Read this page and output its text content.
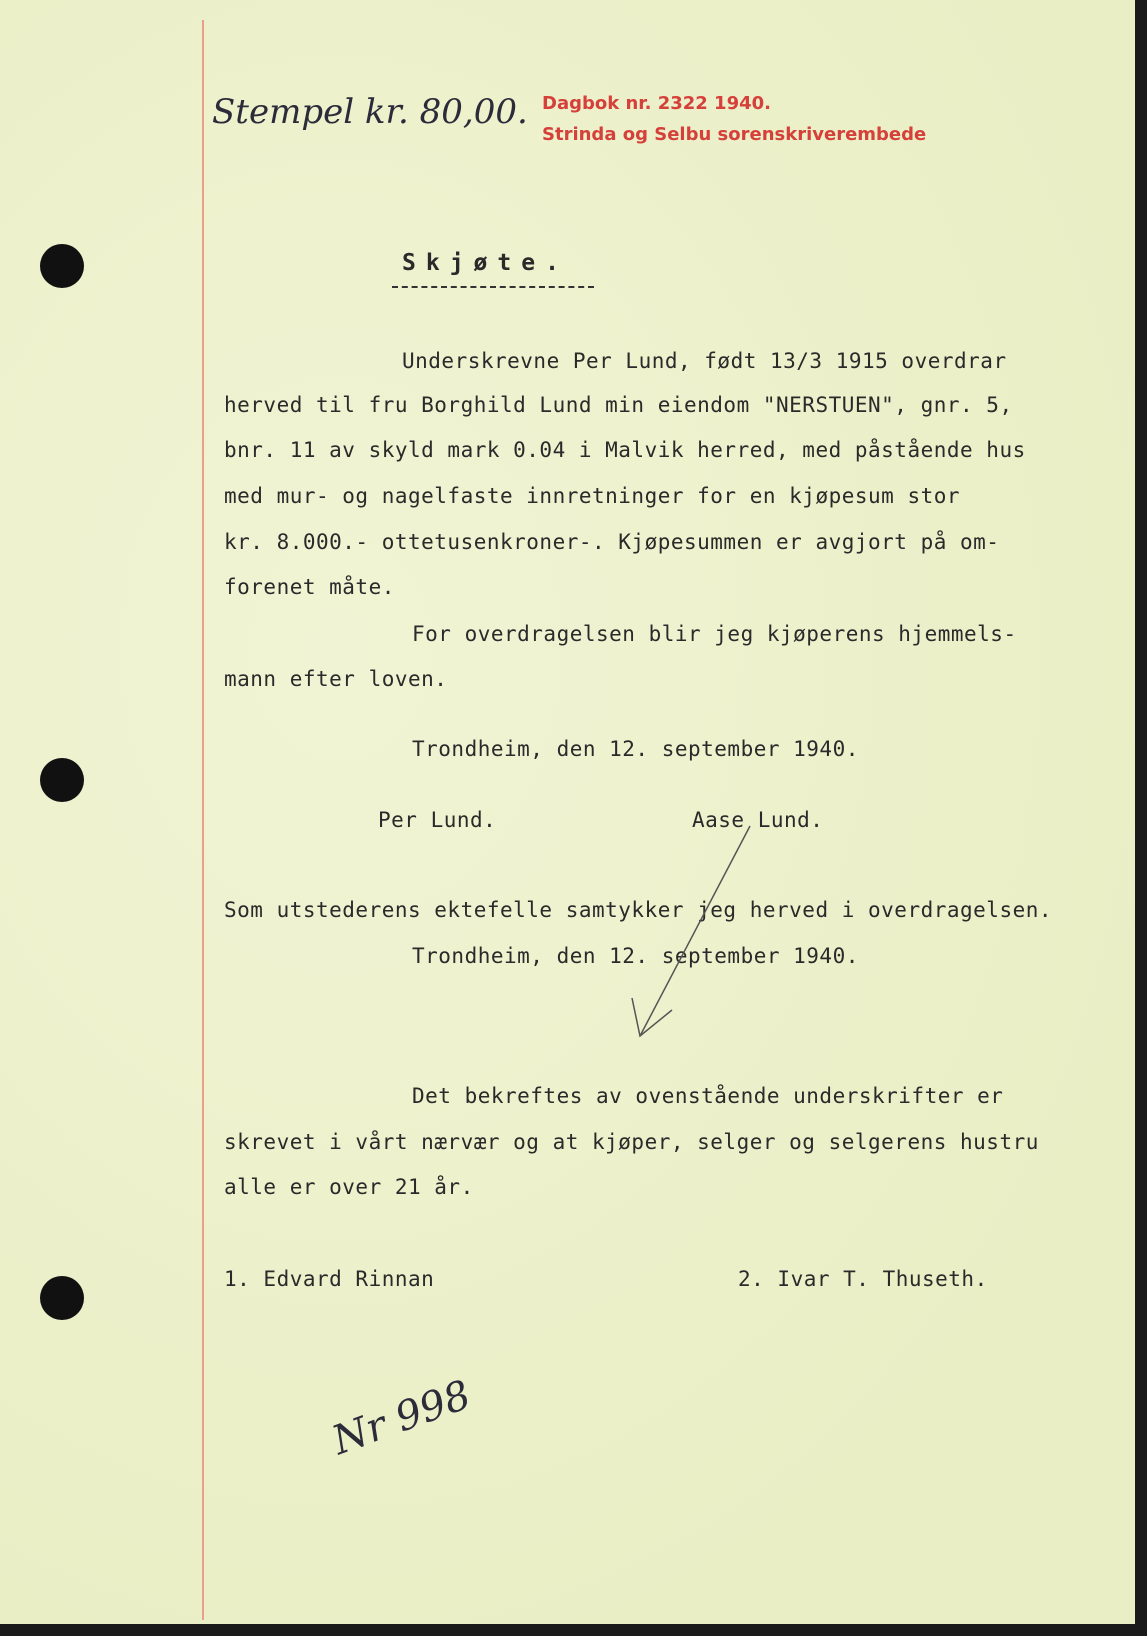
Stempel kr. 80,00. Dagbok nr. 2322 1940.
Strinda og Selbu sorenskriverembede
Skjøte.
Underskrevne Per Lund, født 13/3 1915 overdrar
herved til fru Borghild Lund min eiendom "NERSTUEN", gnr. 5,
bnr. 11 av skyld mark 0.04 i Malvik herred, med påstående hus
med mur- og nagelfaste innretninger for en kjøpesum stor
kr. 8.000.- ottetusenkroner-. Kjøpesummen er avgjort på om-
forenet måte.
For overdragelsen blir jeg kjøperens hjemmels-
mann efter loven.
Trondheim, den 12. september 1940.
Per Lund.	Aase Lund.
Som utstederens ektefelle samtykker jeg herved i overdragelsen.
Trondheim, den 12. september 1940.
Det bekreftes av ovenstående underskrifter er
skrevet i vårt nærvær og at kjøper, selger og selgerens hustru
alle er over 21 år.
1. Edvard Rinnan	2. Ivar T. Thuseth.
Nr 998
